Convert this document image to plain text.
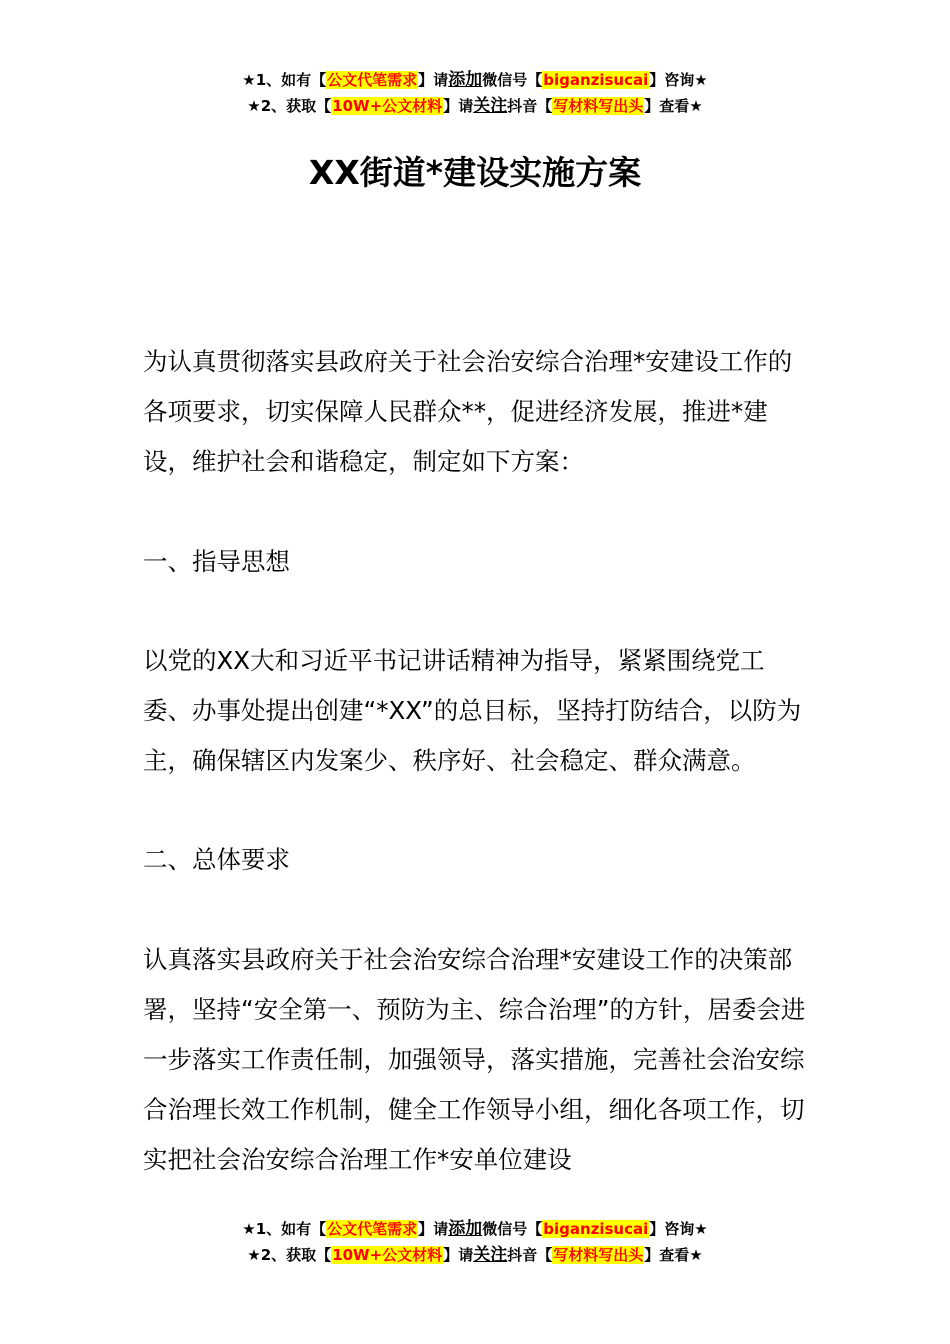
★1、如有【公文代笔需求】请添加微信号【biganzisucai】咨询★
★2、获取【10W+公文材料】请关注抖音【写材料写出头】查看★
XX街道*建设实施方案
为认真贯彻落实县政府关于社会治安综合治理*安建设工作的各项要求，切实保障人民群众**，促进经济发展，推进*建设，维护社会和谐稳定，制定如下方案：
一、指导思想
以党的XX大和习近平书记讲话精神为指导，紧紧围绕党工委、办事处提出创建“*XX”的总目标，坚持打防结合，以防为主，确保辖区内发案少、秩序好、社会稳定、群众满意。
二、总体要求
认真落实县政府关于社会治安综合治理*安建设工作的决策部署，坚持“安全第一、预防为主、综合治理”的方针，居委会进一步落实工作责任制，加强领导，落实措施，完善社会治安综合治理长效工作机制，健全工作领导小组，细化各项工作，切实把社会治安综合治理工作*安单位建设
★1、如有【公文代笔需求】请添加微信号【biganzisucai】咨询★
★2、获取【10W+公文材料】请关注抖音【写材料写出头】查看★
